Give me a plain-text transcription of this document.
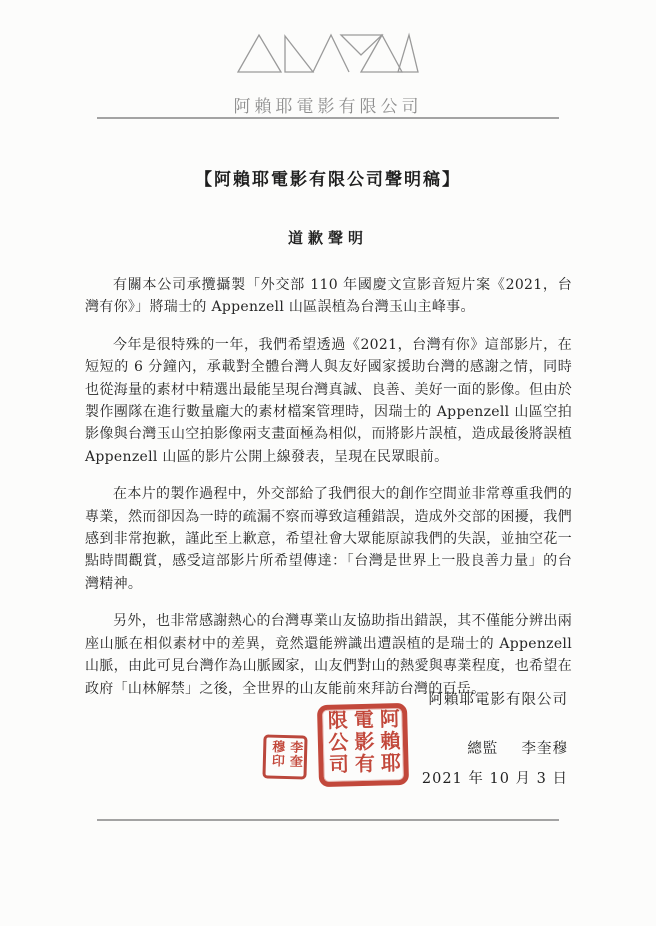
阿賴耶電影有限公司
【阿賴耶電影有限公司聲明稿】
道歉聲明

有關本公司承攬攝製「外交部 110 年國慶文宣影音短片案《2021，台灣有你》」將瑞士的 Appenzell 山區誤植為台灣玉山主峰事。

今年是很特殊的一年，我們希望透過《2021，台灣有你》這部影片，在短短的 6 分鐘內，承載對全體台灣人與友好國家援助台灣的感謝之情，同時也從海量的素材中精選出最能呈現台灣真誠、良善、美好一面的影像。但由於製作團隊在進行數量龐大的素材檔案管理時，因瑞士的 Appenzell 山區空拍影像與台灣玉山空拍影像兩支畫面極為相似，而將影片誤植，造成最後將誤植 Appenzell 山區的影片公開上線發表，呈現在民眾眼前。

在本片的製作過程中，外交部給了我們很大的創作空間並非常尊重我們的專業，然而卻因為一時的疏漏不察而導致這種錯誤，造成外交部的困擾，我們感到非常抱歉，謹此至上歉意，希望社會大眾能原諒我們的失誤，並抽空花一點時間觀賞，感受這部影片所希望傳達：「台灣是世界上一股良善力量」的台灣精神。

另外，也非常感謝熱心的台灣專業山友協助指出錯誤，其不僅能分辨出兩座山脈在相似素材中的差異，竟然還能辨識出遭誤植的是瑞士的 Appenzell 山脈，由此可見台灣作為山脈國家，山友們對山的熱愛與專業程度，也希望在政府「山林解禁」之後，全世界的山友能前來拜訪台灣的百岳。

阿賴耶電影有限公司
李奎穆印
阿賴耶電影有限公司
總監 李奎穆
2021 年 10 月 3 日
